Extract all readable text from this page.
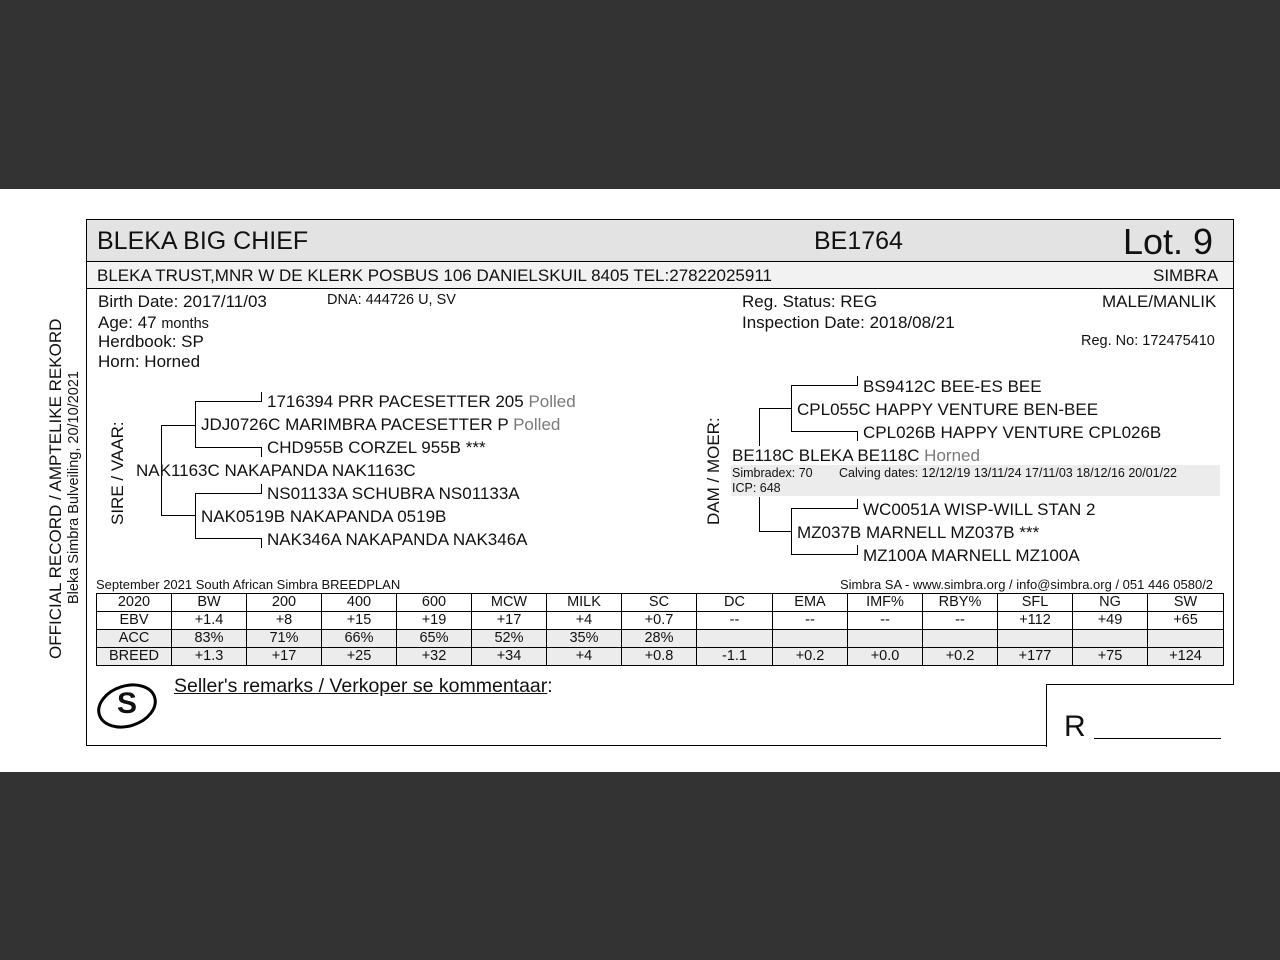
BLEKA BIG CHIEF	BE1764	Lot. 9
BLEKA TRUST,MNR W DE KLERK POSBUS 106 DANIELSKUIL 8405 TEL:27822025911	SIMBRA
Birth Date: 2017/11/03	DNA: 444726 U, SV
Age: 47 months
Herdbook: SP
Horn: Horned
Reg. Status: REG
Inspection Date: 2018/08/21
MALE/MANLIK
Reg. No: 172475410
OFFICIAL RECORD / AMPTELIKE REKORD Bleka Simbra Bulveiling, 20/10/2021 SIRE / VAAR:	DAM / MOER:
1716394 PRR PACESETTER 205 Polled
JDJ0726C MARIMBRA PACESETTER P Polled
CHD955B CORZEL 955B ***
NAK1163C NAKAPANDA NAK1163C
NS01133A SCHUBRA NS01133A
NAK0519B NAKAPANDA 0519B
NAK346A NAKAPANDA NAK346A
BS9412C BEE-ES BEE
CPL055C HAPPY VENTURE BEN-BEE
CPL026B HAPPY VENTURE CPL026B
BE118C BLEKA BE118C Horned
Simbradex: 70 Calving dates: 12/12/19 13/11/24 17/11/03 18/12/16 20/01/22
ICP: 648
WC0051A WISP-WILL STAN 2
MZ037B MARNELL MZ037B ***
MZ100A MARNELL MZ100A
September 2021 South African Simbra BREEDPLAN	Simbra SA - www.simbra.org / info@simbra.org / 051 446 0580/2
2020	BW	200	400	600	MCW	MILK	SC	DC	EMA	IMF%	RBY%	SFL	NG	SW
EBV	+1.4	+8	+15	+19	+17	+4	+0.7	--	--	--	--	+112	+49	+65
ACC	83%	71%	66%	65%	52%	35%	28%							
BREED	+1.3	+17	+25	+32	+34	+4	+0.8	-1.1	+0.2	+0.0	+0.2	+177	+75	+124
S
Seller's remarks / Verkoper se kommentaar:
R
